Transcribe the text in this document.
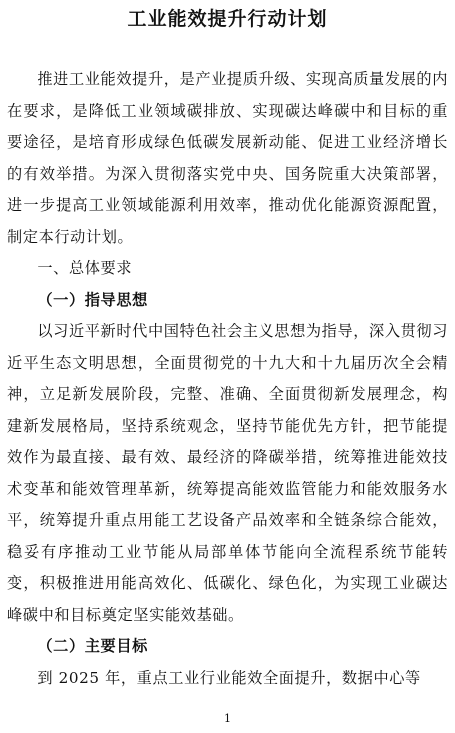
工业能效提升行动计划

推进工业能效提升，是产业提质升级、实现高质量发展的内在要求，是降低工业领域碳排放、实现碳达峰碳中和目标的重要途径，是培育形成绿色低碳发展新动能、促进工业经济增长的有效举措。为深入贯彻落实党中央、国务院重大决策部署，进一步提高工业领域能源利用效率，推动优化能源资源配置，制定本行动计划。

一、总体要求

（一）指导思想

以习近平新时代中国特色社会主义思想为指导，深入贯彻习近平生态文明思想，全面贯彻党的十九大和十九届历次全会精神，立足新发展阶段，完整、准确、全面贯彻新发展理念，构建新发展格局，坚持系统观念，坚持节能优先方针，把节能提效作为最直接、最有效、最经济的降碳举措，统筹推进能效技术变革和能效管理革新，统筹提高能效监管能力和能效服务水平，统筹提升重点用能工艺设备产品效率和全链条综合能效，稳妥有序推动工业节能从局部单体节能向全流程系统节能转变，积极推进用能高效化、低碳化、绿色化，为实现工业碳达峰碳中和目标奠定坚实能效基础。

（二）主要目标

到 2025 年，重点工业行业能效全面提升，数据中心等

1
